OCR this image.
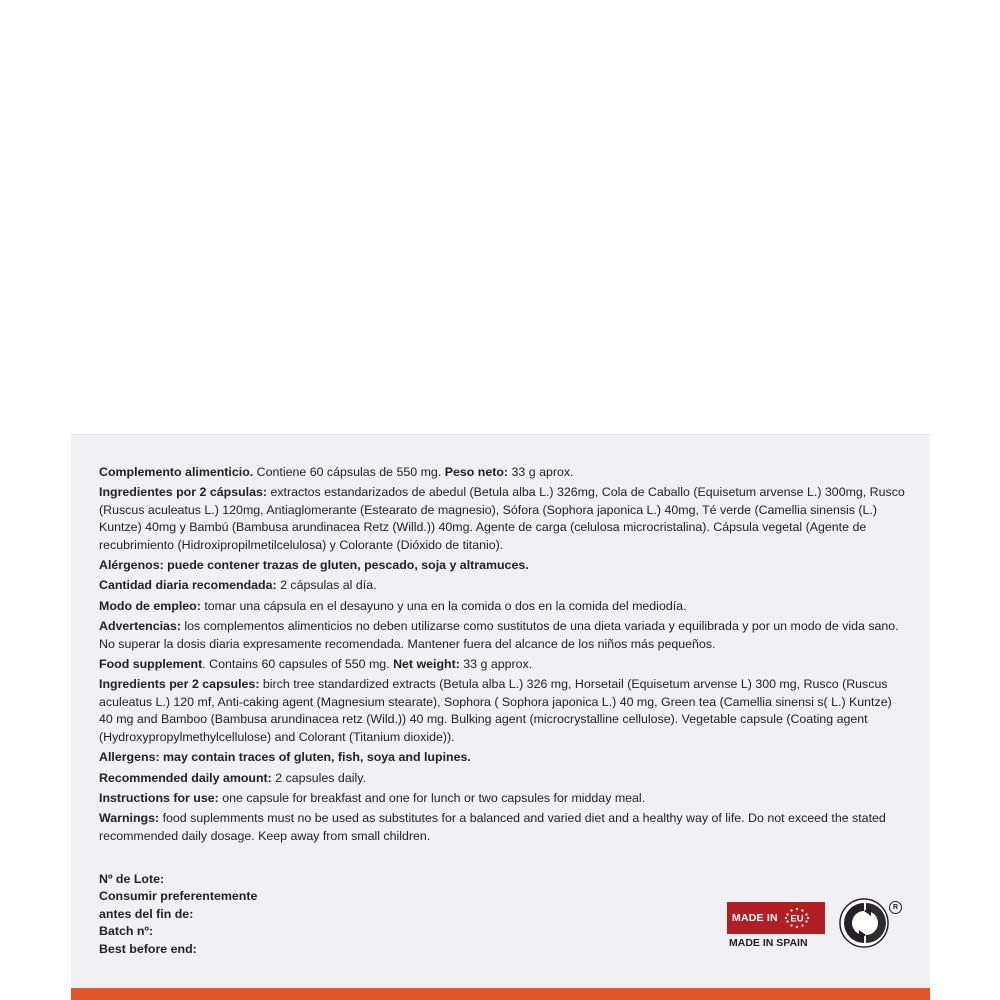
Complemento alimenticio. Contiene 60 cápsulas de 550 mg. Peso neto: 33 g aprox.

Ingredientes por 2 cápsulas: extractos estandarizados de abedul (Betula alba L.) 326mg, Cola de Caballo (Equisetum arvense L.) 300mg, Rusco (Ruscus aculeatus L.) 120mg, Antiaglomerante (Estearato de magnesio), Sófora (Sophora japonica L.) 40mg, Té verde (Camellia sinensis (L.) Kuntze) 40mg y Bambú (Bambusa arundinacea Retz (Willd.)) 40mg. Agente de carga (celulosa microcristalina). Cápsula vegetal (Agente de recubrimiento (Hidroxipropilmetilcelulosa) y Colorante (Dióxido de titanio).

Alérgenos: puede contener trazas de gluten, pescado, soja y altramuces.

Cantidad diaria recomendada: 2 cápsulas al día.

Modo de empleo: tomar una cápsula en el desayuno y una en la comida o dos en la comida del mediodía.

Advertencias: los complementos alimenticios no deben utilizarse como sustitutos de una dieta variada y equilibrada y por un modo de vida sano. No superar la dosis diaria expresamente recomendada. Mantener fuera del alcance de los niños más pequeños.

Food supplement. Contains 60 capsules of 550 mg. Net weight: 33 g approx.

Ingredients per 2 capsules: birch tree standardized extracts (Betula alba L.) 326 mg, Horsetail (Equisetum arvense L) 300 mg, Rusco (Ruscus aculeatus L.) 120 mf, Anti-caking agent (Magnesium stearate), Sophora ( Sophora japonica L.) 40 mg, Green tea (Camellia sinensi s( L.) Kuntze) 40 mg and Bamboo (Bambusa arundinacea retz (Wild.)) 40 mg. Bulking agent (microcrystalline cellulose). Vegetable capsule (Coating agent (Hydroxypropylmethylcellulose) and Colorant (Titanium dioxide)).

Allergens: may contain traces of gluten, fish, soya and lupines.

Recommended daily amount: 2 capsules daily.

Instructions for use: one capsule for breakfast and one for lunch or two capsules for midday meal.

Warnings: food suplemments must no be used as substitutes for a balanced and varied diet and a healthy way of life. Do not exceed the stated recommended daily dosage. Keep away from small children.

Nº de Lote:
Consumir preferentemente
antes del fin de:
Batch nº:
Best before end:
MADE IN EU
MADE IN SPAIN
R
